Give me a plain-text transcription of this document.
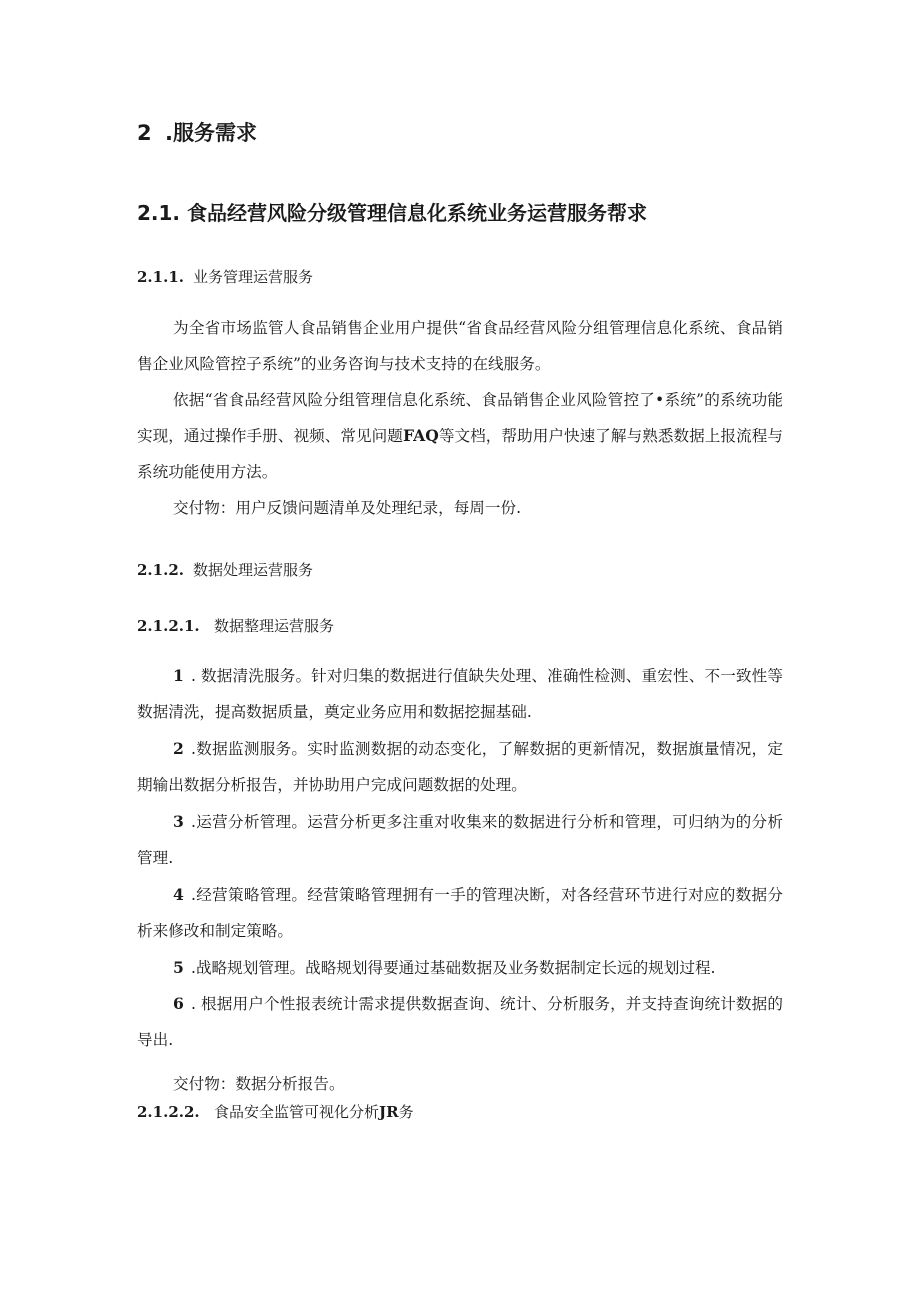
2 .服务需求
2.1. 食品经营风险分级管理信息化系统业务运营服务帮求
2.1.1. 业务管理运营服务
为全省市场监管人食品销售企业用户提供“省食品经营风险分组管理信息化系统、食品销售企业风险管控子系统”的业务咨询与技术支持的在线服务。
依据“省食品经营风险分组管理信息化系统、食品销售企业风险管控了•系统”的系统功能实现，通过操作手册、视频、常见问题FAQ等文档，帮助用户快速了解与熟悉数据上报流程与系统功能使用方法。
交付物：用户反馈问题清单及处理纪录，每周一份.
2.1.2. 数据处理运营服务
2.1.2.1. 数据整理运营服务
1 . 数据清洗服务。针对归集的数据进行值缺失处理、准确性检测、重宏性、不一致性等数据清洗，提高数据质量，奠定业务应用和数据挖掘基础.
2 .数据监测服务。实时监测数据的动态变化，了解数据的更新情况，数据旗量情况，定期输出数据分析报告，并协助用户完成问题数据的处理。
3 .运营分析管理。运营分析更多注重对收集来的数据进行分析和管理，可归纳为的分析管理.
4 .经营策略管理。经营策略管理拥有一手的管理决断，对各经营环节进行对应的数据分析来修改和制定策略。
5 .战略规划管理。战略规划得要通过基础数据及业务数据制定长远的规划过程.
6 . 根据用户个性报表统计需求提供数据查询、统计、分析服务，并支持查询统计数据的导出.
交付物：数据分析报告。
2.1.2.2. 食品安全监管可视化分析JR务
